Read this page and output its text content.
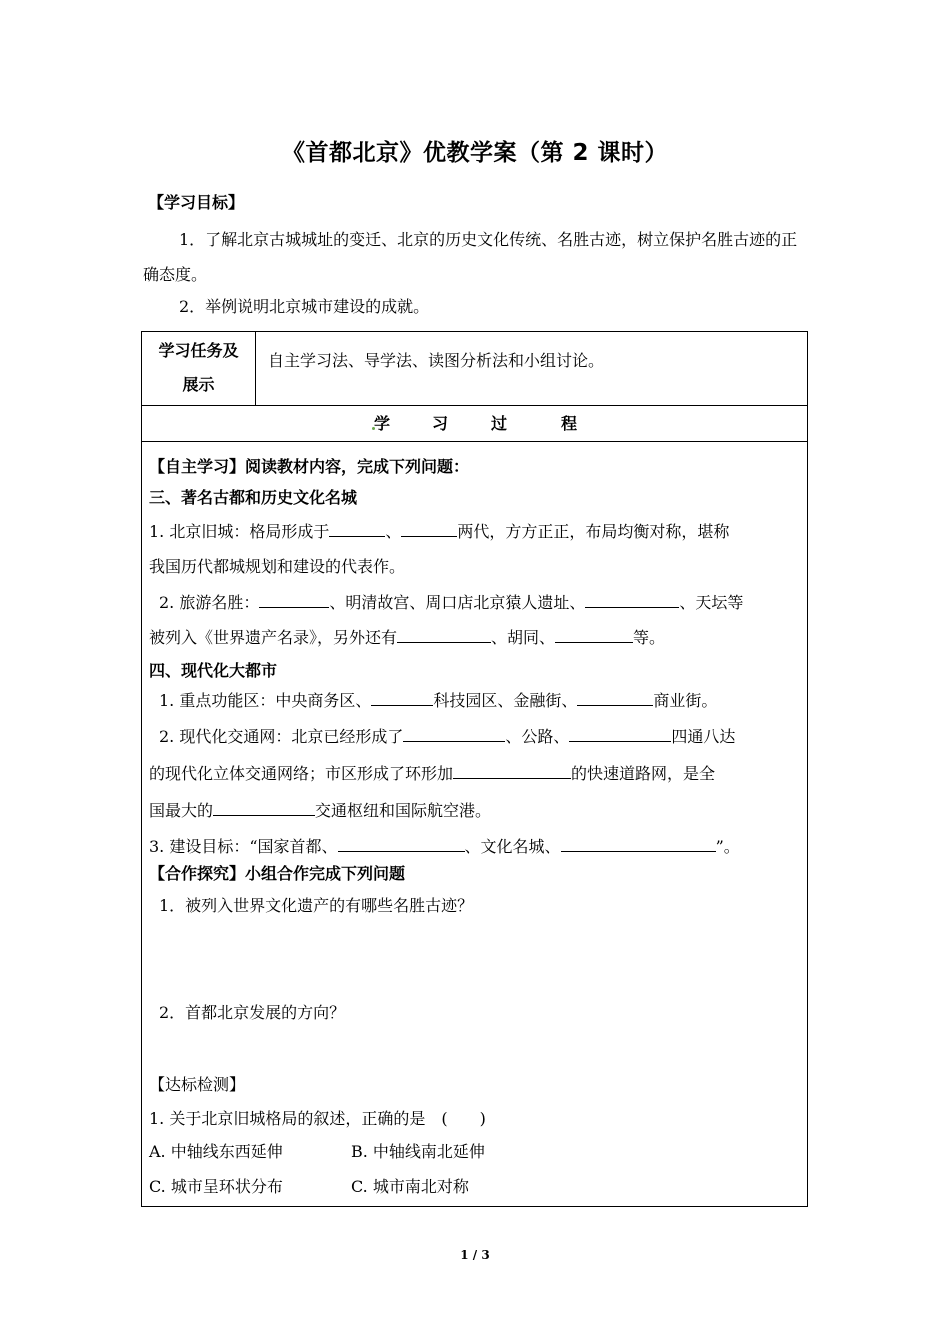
《首都北京》优教学案（第 2 课时）
【学习目标】
1．了解北京古城城址的变迁、北京的历史文化传统、名胜古迹，树立保护名胜古迹的正确态度。
2．举例说明北京城市建设的成就。
学习任务及
展示
自主学习法、导学法、读图分析法和小组讨论。
学	习	过	程
【自主学习】阅读教材内容，完成下列问题：
三、著名古都和历史文化名城
1. 北京旧城：格局形成于	、	两代，方方正正，布局均衡对称，堪称
我国历代都城规划和建设的代表作。
2. 旅游名胜：	、明清故宫、周口店北京猿人遗址、	、天坛等
被列入《世界遗产名录》，另外还有	、胡同、	等。
四、现代化大都市
1. 重点功能区：中央商务区、	科技园区、金融街、	商业街。
2. 现代化交通网：北京已经形成了	、公路、	四通八达
的现代化立体交通网络；市区形成了环形加	的快速道路网，是全
国最大的	交通枢纽和国际航空港。
3. 建设目标：“国家首都、	、文化名城、	”。
【合作探究】小组合作完成下列问题
1．被列入世界文化遗产的有哪些名胜古迹？
2．首都北京发展的方向？
【达标检测】
1. 关于北京旧城格局的叙述，正确的是　(　　)
A. 中轴线东西延伸	B. 中轴线南北延伸
C. 城市呈环状分布	C. 城市南北对称
1 / 3
